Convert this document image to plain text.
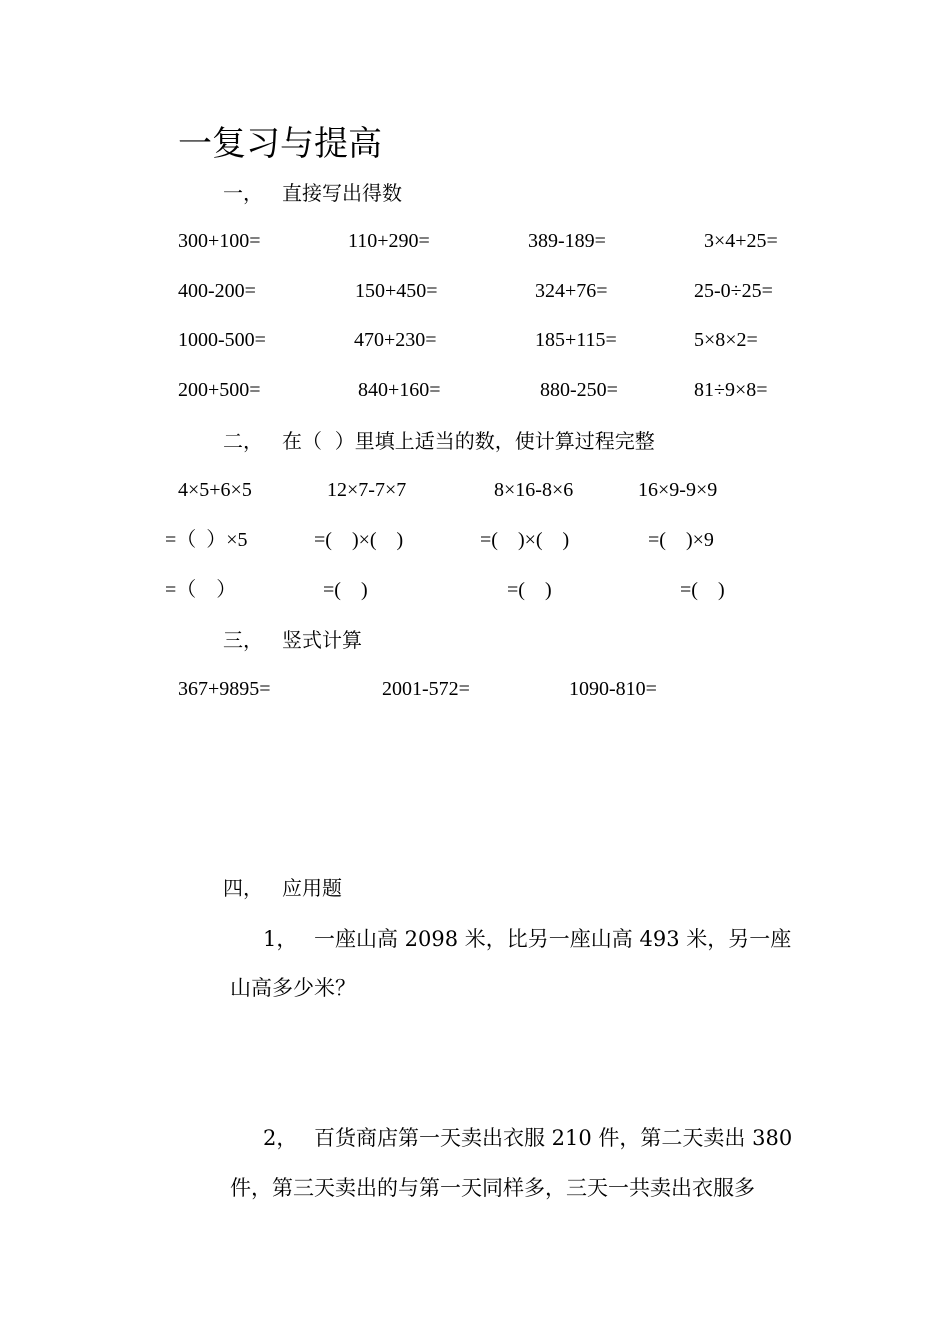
一复习与提高
一， 直接写出得数
300+100=	110+290=	389-189=	3×4+25=
400-200=	150+450=	324+76=	25-0÷25=
1000-500=	470+230=	185+115=	5×8×2=
200+500=	840+160=	880-250=	81÷9×8=
二， 在（  ）里填上适当的数，使计算过程完整
4×5+6×5	12×7-7×7	8×16-8×6	16×9-9×9
=（  ）×5	=(    )×(    )	=(    )×(    )	=(    )×9
=（    ）	=(    )	=(    )	=(    )
三， 竖式计算
367+9895=	2001-572=	1090-810=
四， 应用题
1， 一座山高 2098 米，比另一座山高 493 米，另一座
山高多少米？
2， 百货商店第一天卖出衣服 210 件，第二天卖出 380
件，第三天卖出的与第一天同样多，三天一共卖出衣服多
